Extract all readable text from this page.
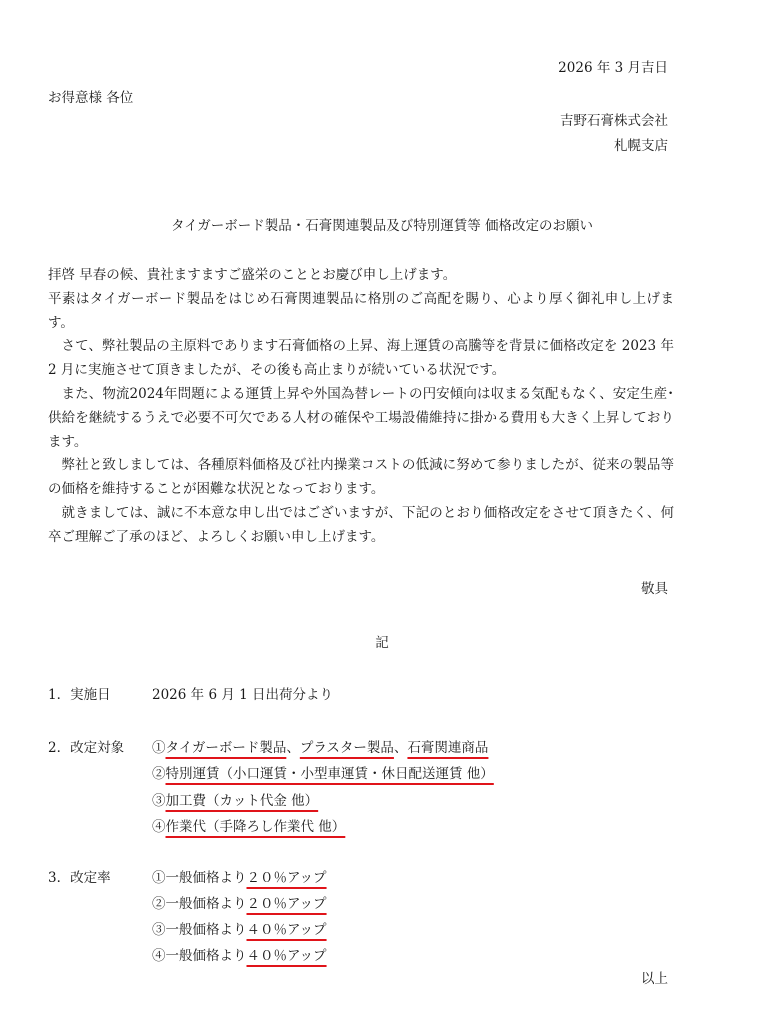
2026 年 3 月吉日
お得意様 各位
吉野石膏株式会社
札幌支店
タイガーボード製品・石膏関連製品及び特別運賃等 価格改定のお願い

拝啓 早春の候、貴社ますますご盛栄のこととお慶び申し上げます。

平素はタイガーボード製品をはじめ石膏関連製品に格別のご高配を賜り、心より厚く御礼申し上げます。

さて、弊社製品の主原料であります石膏価格の上昇、海上運賃の高騰等を背景に価格改定を 2023 年 2 月に実施させて頂きましたが、その後も高止まりが続いている状況です。

また、物流2024年問題による運賃上昇や外国為替レートの円安傾向は収まる気配もなく、安定生産･供給を継続するうえで必要不可欠である人材の確保や工場設備維持に掛かる費用も大きく上昇しております。

弊社と致しましては、各種原料価格及び社内操業コストの低減に努めて参りましたが、従来の製品等の価格を維持することが困難な状況となっております。

就きましては、誠に不本意な申し出ではございますが、下記のとおり価格改定をさせて頂きたく、何卒ご理解ご了承のほど、よろしくお願い申し上げます。

敬具
記
1．実施日	2026 年 6 月 1 日出荷分より
2．改定対象 ①タイガーボード製品、プラスター製品、石膏関連商品
②特別運賃（小口運賃・小型車運賃・休日配送運賃 他）
③加工費（カット代金 他）
④作業代（手降ろし作業代 他）
3．改定率	①一般価格より２０％アップ
②一般価格より２０％アップ
③一般価格より４０％アップ
④一般価格より４０％アップ
以上
